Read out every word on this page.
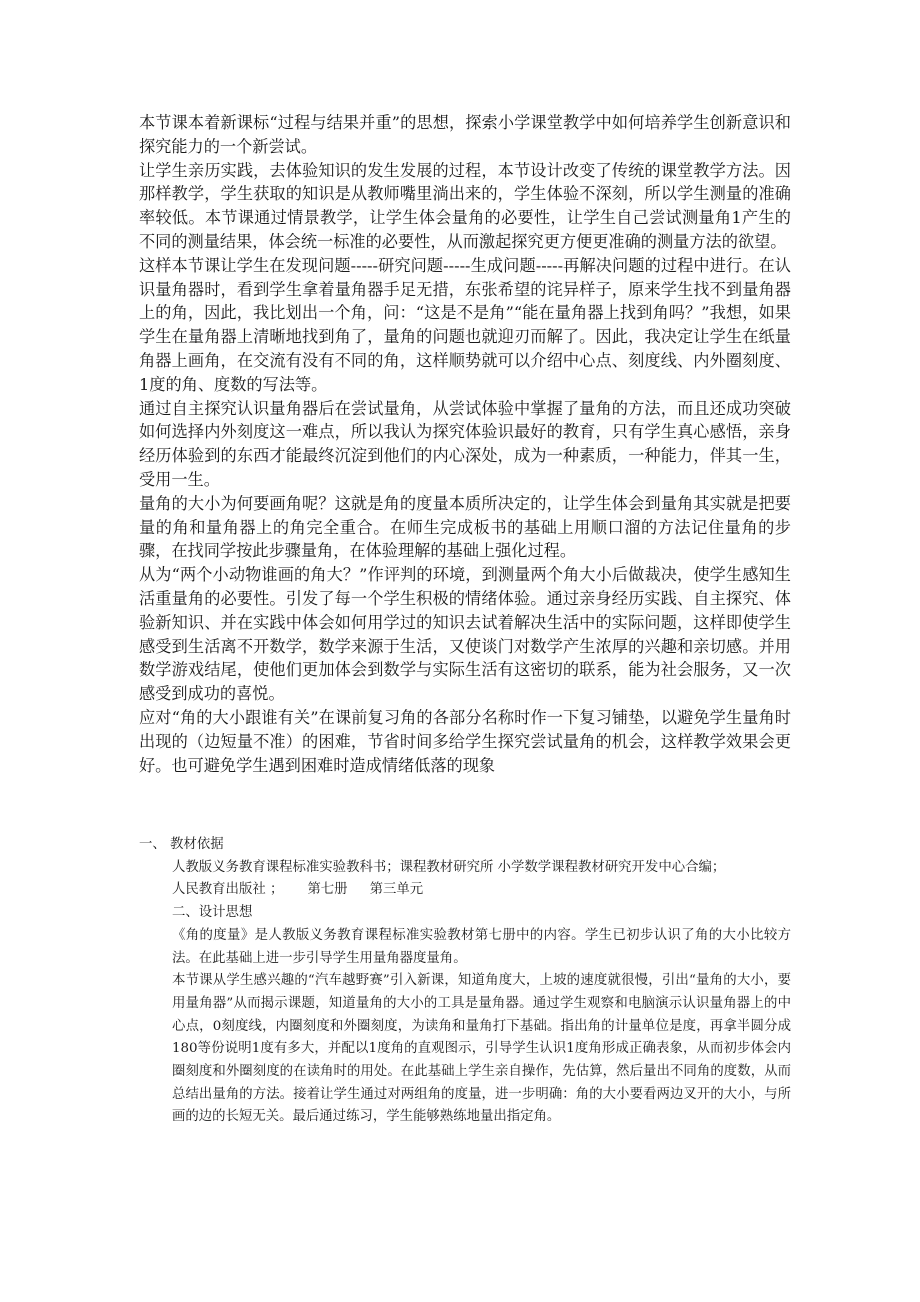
本节课本着新课标“过程与结果并重”的思想，探索小学课堂教学中如何培养学生创新意识和探究能力的一个新尝试。

让学生亲历实践，去体验知识的发生发展的过程，本节设计改变了传统的课堂教学方法。因那样教学，学生获取的知识是从教师嘴里淌出来的，学生体验不深刻，所以学生测量的准确率较低。本节课通过情景教学，让学生体会量角的必要性，让学生自己尝试测量角1产生的不同的测量结果，体会统一标准的必要性，从而激起探究更方便更准确的测量方法的欲望。

这样本节课让学生在发现问题-----研究问题-----生成问题-----再解决问题的过程中进行。在认识量角器时，看到学生拿着量角器手足无措，东张希望的诧异样子，原来学生找不到量角器上的角，因此，我比划出一个角，问：“这是不是角”“能在量角器上找到角吗？”我想，如果学生在量角器上清晰地找到角了，量角的问题也就迎刃而解了。因此，我决定让学生在纸量角器上画角，在交流有没有不同的角，这样顺势就可以介绍中心点、刻度线、内外圈刻度、1度的角、度数的写法等。

通过自主探究认识量角器后在尝试量角，从尝试体验中掌握了量角的方法，而且还成功突破如何选择内外刻度这一难点，所以我认为探究体验识最好的教育，只有学生真心感悟，亲身经历体验到的东西才能最终沉淀到他们的内心深处，成为一种素质，一种能力，伴其一生，受用一生。

量角的大小为何要画角呢？这就是角的度量本质所决定的，让学生体会到量角其实就是把要量的角和量角器上的角完全重合。在师生完成板书的基础上用顺口溜的方法记住量角的步骤，在找同学按此步骤量角，在体验理解的基础上强化过程。

从为“两个小动物谁画的角大？”作评判的环境，到测量两个角大小后做裁决，使学生感知生活重量角的必要性。引发了每一个学生积极的情绪体验。通过亲身经历实践、自主探究、体验新知识、并在实践中体会如何用学过的知识去试着解决生活中的实际问题，这样即使学生感受到生活离不开数学，数学来源于生活，又使谈门对数学产生浓厚的兴趣和亲切感。并用数学游戏结尾，使他们更加体会到数学与实际生活有这密切的联系，能为社会服务，又一次感受到成功的喜悦。

应对“角的大小跟谁有关”在课前复习角的各部分名称时作一下复习铺垫，以避免学生量角时出现的（边短量不准）的困难，节省时间多给学生探究尝试量角的机会，这样教学效果会更好。也可避免学生遇到困难时造成情绪低落的现象

一、 教材依据

人教版义务教育课程标准实验教科书；课程教材研究所 小学数学课程教材研究开发中心合编；

人民教育出版社 ； 第七册 第三单元

二、设计思想

《角的度量》是人教版义务教育课程标准实验教材第七册中的内容。学生已初步认识了角的大小比较方法。在此基础上进一步引导学生用量角器度量角。

本节课从学生感兴趣的“汽车越野赛”引入新课，知道角度大，上坡的速度就很慢，引出“量角的大小，要用量角器”从而揭示课题，知道量角的大小的工具是量角器。通过学生观察和电脑演示认识量角器上的中心点，0刻度线，内圈刻度和外圈刻度，为读角和量角打下基础。指出角的计量单位是度，再拿半圆分成180等份说明1度有多大，并配以1度角的直观图示，引导学生认识1度角形成正确表象，从而初步体会内圈刻度和外圈刻度的在读角时的用处。在此基础上学生亲自操作，先估算，然后量出不同角的度数，从而总结出量角的方法。接着让学生通过对两组角的度量，进一步明确：角的大小要看两边叉开的大小，与所画的边的长短无关。最后通过练习，学生能够熟练地量出指定角。
